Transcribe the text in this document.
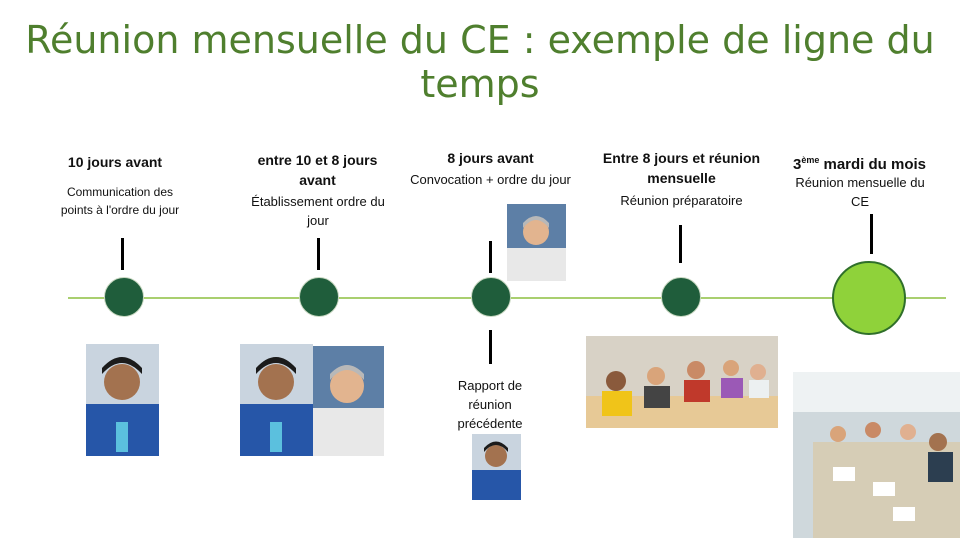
Réunion mensuelle du CE : exemple de ligne du temps
10 jours avant
Communication des points à l'ordre du jour
entre 10 et 8 jours avant
Établissement ordre du jour
8 jours avant
Convocation + ordre du jour
Rapport de réunion précédente
Entre 8 jours et réunion mensuelle
Réunion préparatoire
3ème mardi du mois
Réunion mensuelle du CE
